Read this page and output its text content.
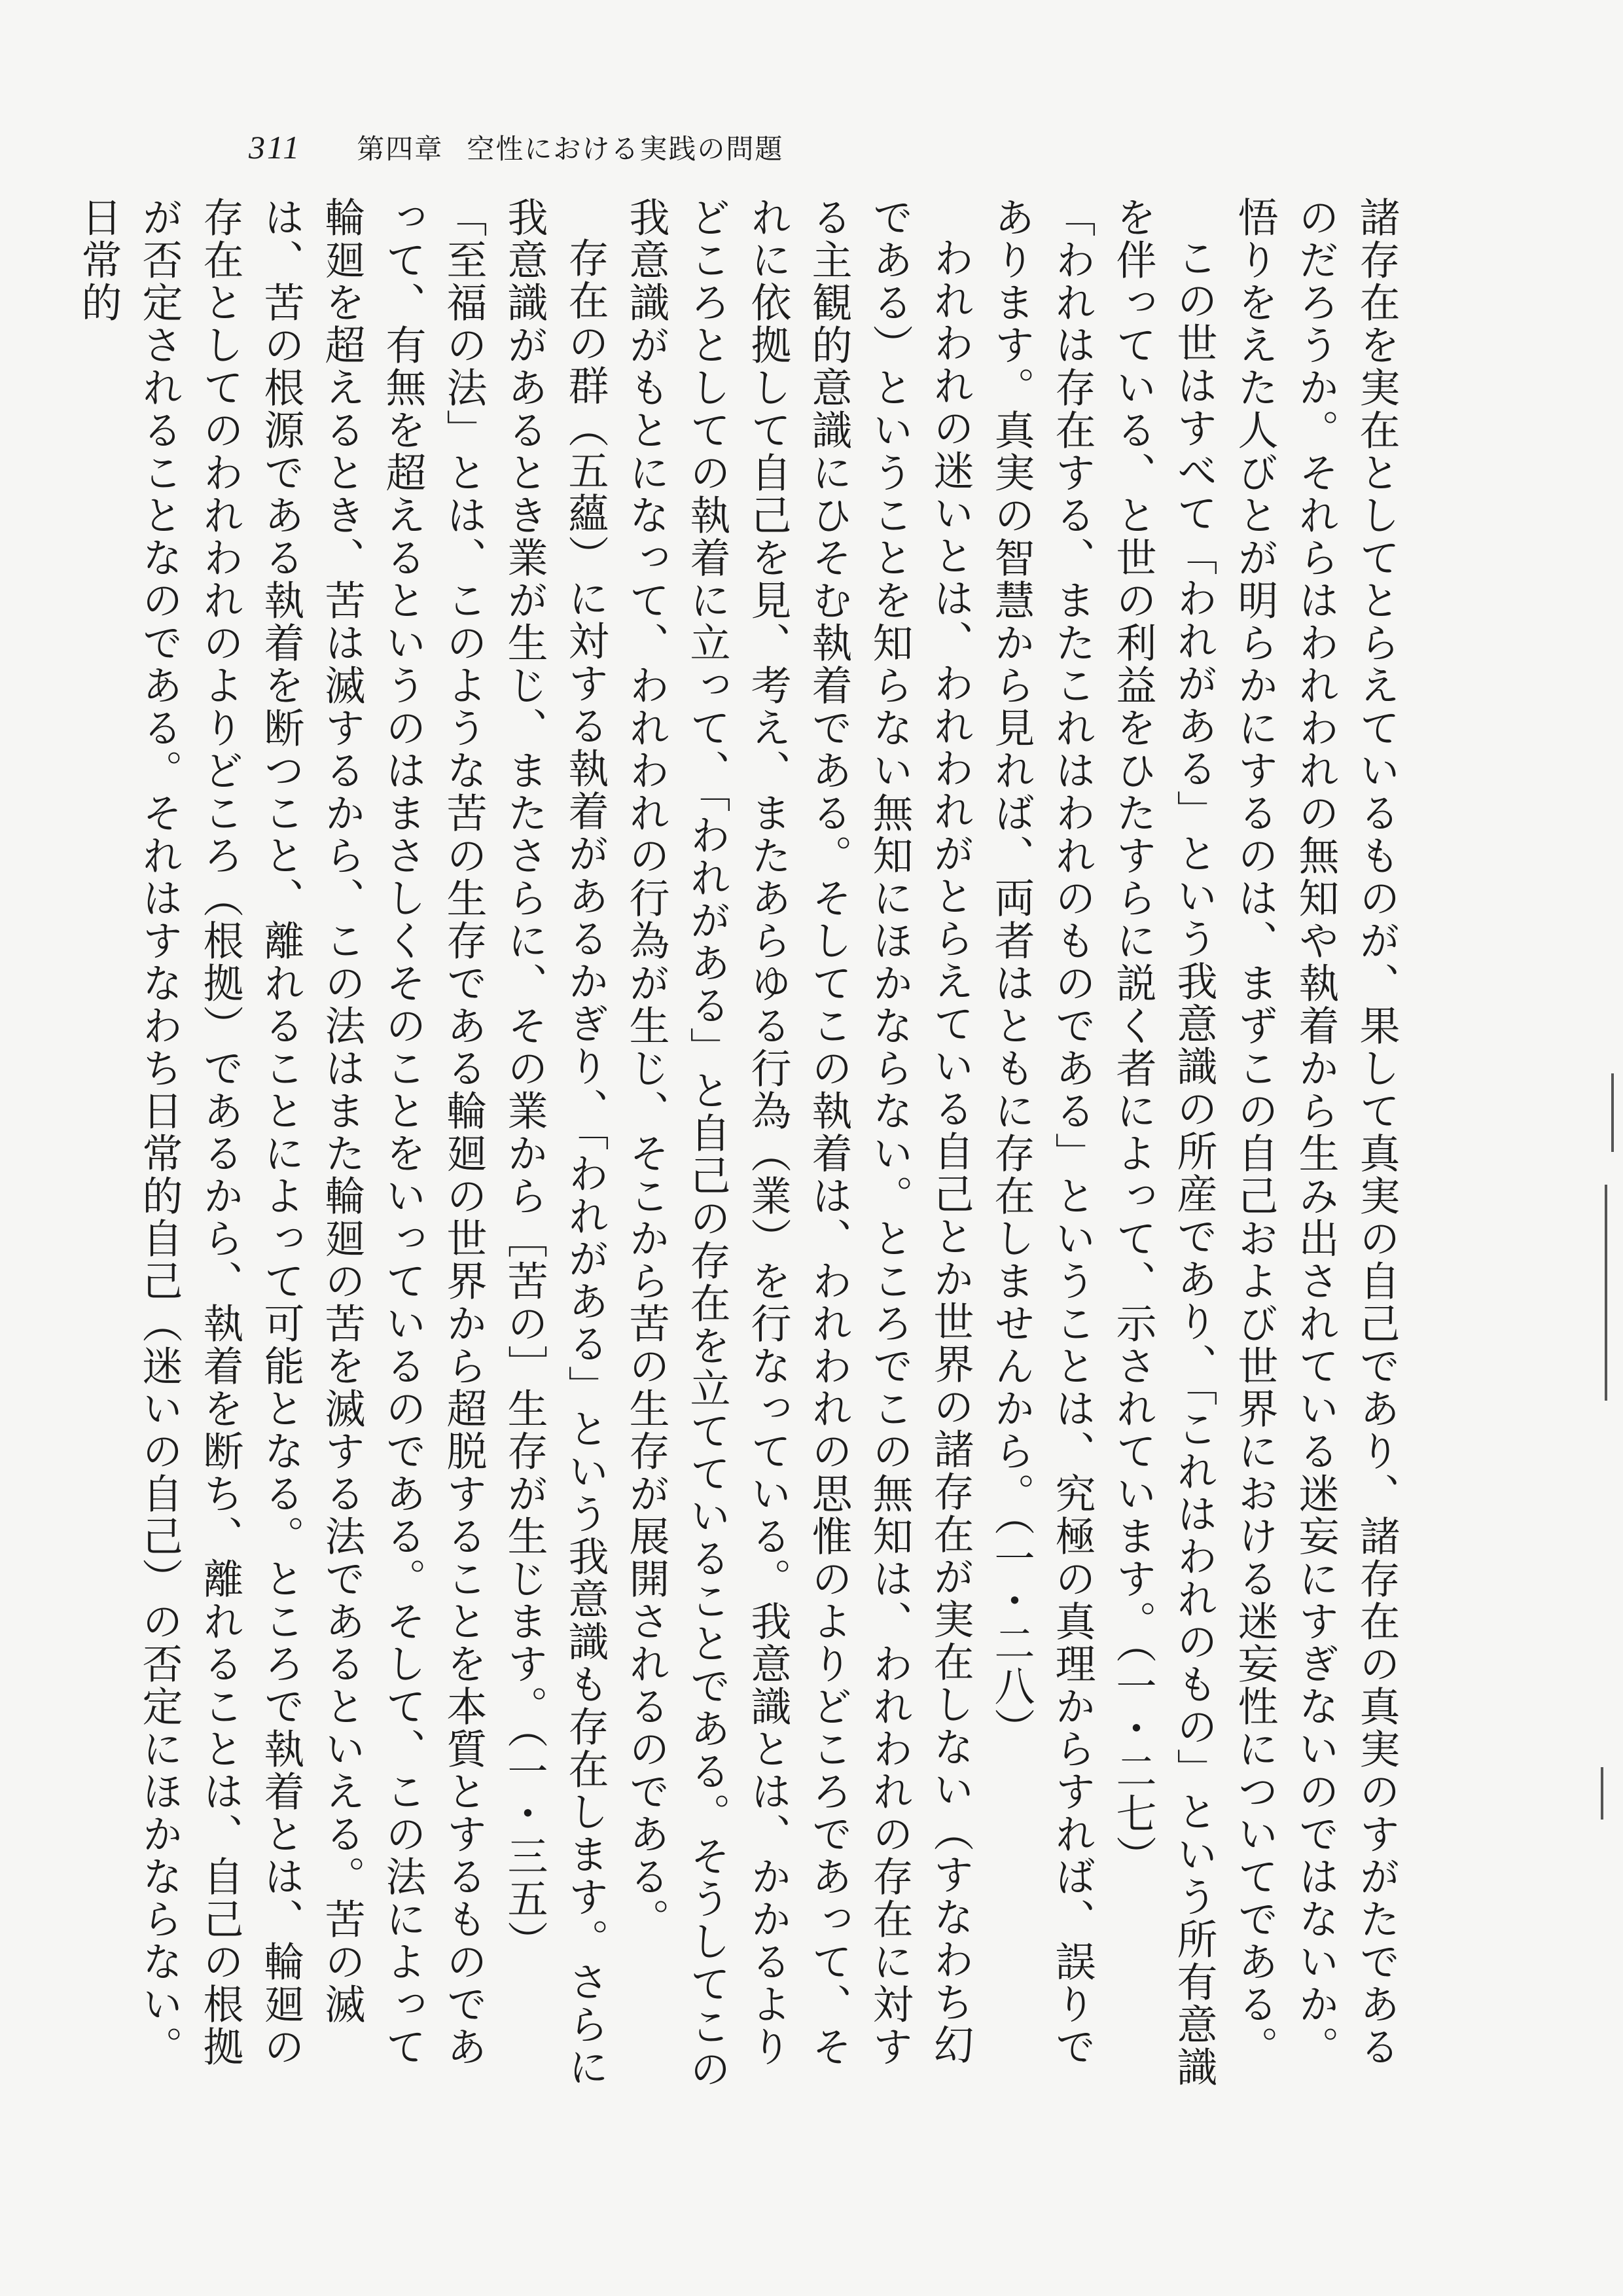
311 第四章 空性における実践の問題

諸存在を実在としてとらえているものが、果して真実の自己であり、諸存在の真実のすがたであるのだろうか。それらはわれわれの無知や執着から生み出されている迷妄にすぎないのではないか。悟りをえた人びとが明らかにするのは、まずこの自己および世界における迷妄性についてである。

この世はすべて「われがある」という我意識の所産であり、「これはわれのもの」という所有意識を伴っている、と世の利益をひたすらに説く者によって、示されています。（一・二七）

「われは存在する、またこれはわれのものである」ということは、究極の真理からすれば、誤りであります。真実の智慧から見れば、両者はともに存在しませんから。（一・二八）

われわれの迷いとは、われわれがとらえている自己とか世界の諸存在が実在しない（すなわち幻である）ということを知らない無知にほかならない。ところでこの無知は、われわれの存在に対する主観的意識にひそむ執着である。そしてこの執着は、われわれの思惟のよりどころであって、それに依拠して自己を見、考え、またあらゆる行為（業）を行なっている。我意識とは、かかるよりどころとしての執着に立って、「われがある」と自己の存在を立てていることである。そうしてこの我意識がもとになって、われわれの行為が生じ、そこから苦の生存が展開されるのである。

存在の群（五蘊）に対する執着があるかぎり、「われがある」という我意識も存在します。さらに我意識があるとき業が生じ、またさらに、その業から［苦の］生存が生じます。（一・三五）

「至福の法」とは、このような苦の生存である輪廻の世界から超脱することを本質とするものであって、有無を超えるというのはまさしくそのことをいっているのである。そして、この法によって輪廻を超えるとき、苦は滅するから、この法はまた輪廻の苦を滅する法であるといえる。苦の滅は、苦の根源である執着を断つこと、離れることによって可能となる。ところで執着とは、輪廻の存在としてのわれわれのよりどころ（根拠）であるから、執着を断ち、離れることは、自己の根拠が否定されることなのである。それはすなわち日常的自己（迷いの自己）の否定にほかならない。日常的
